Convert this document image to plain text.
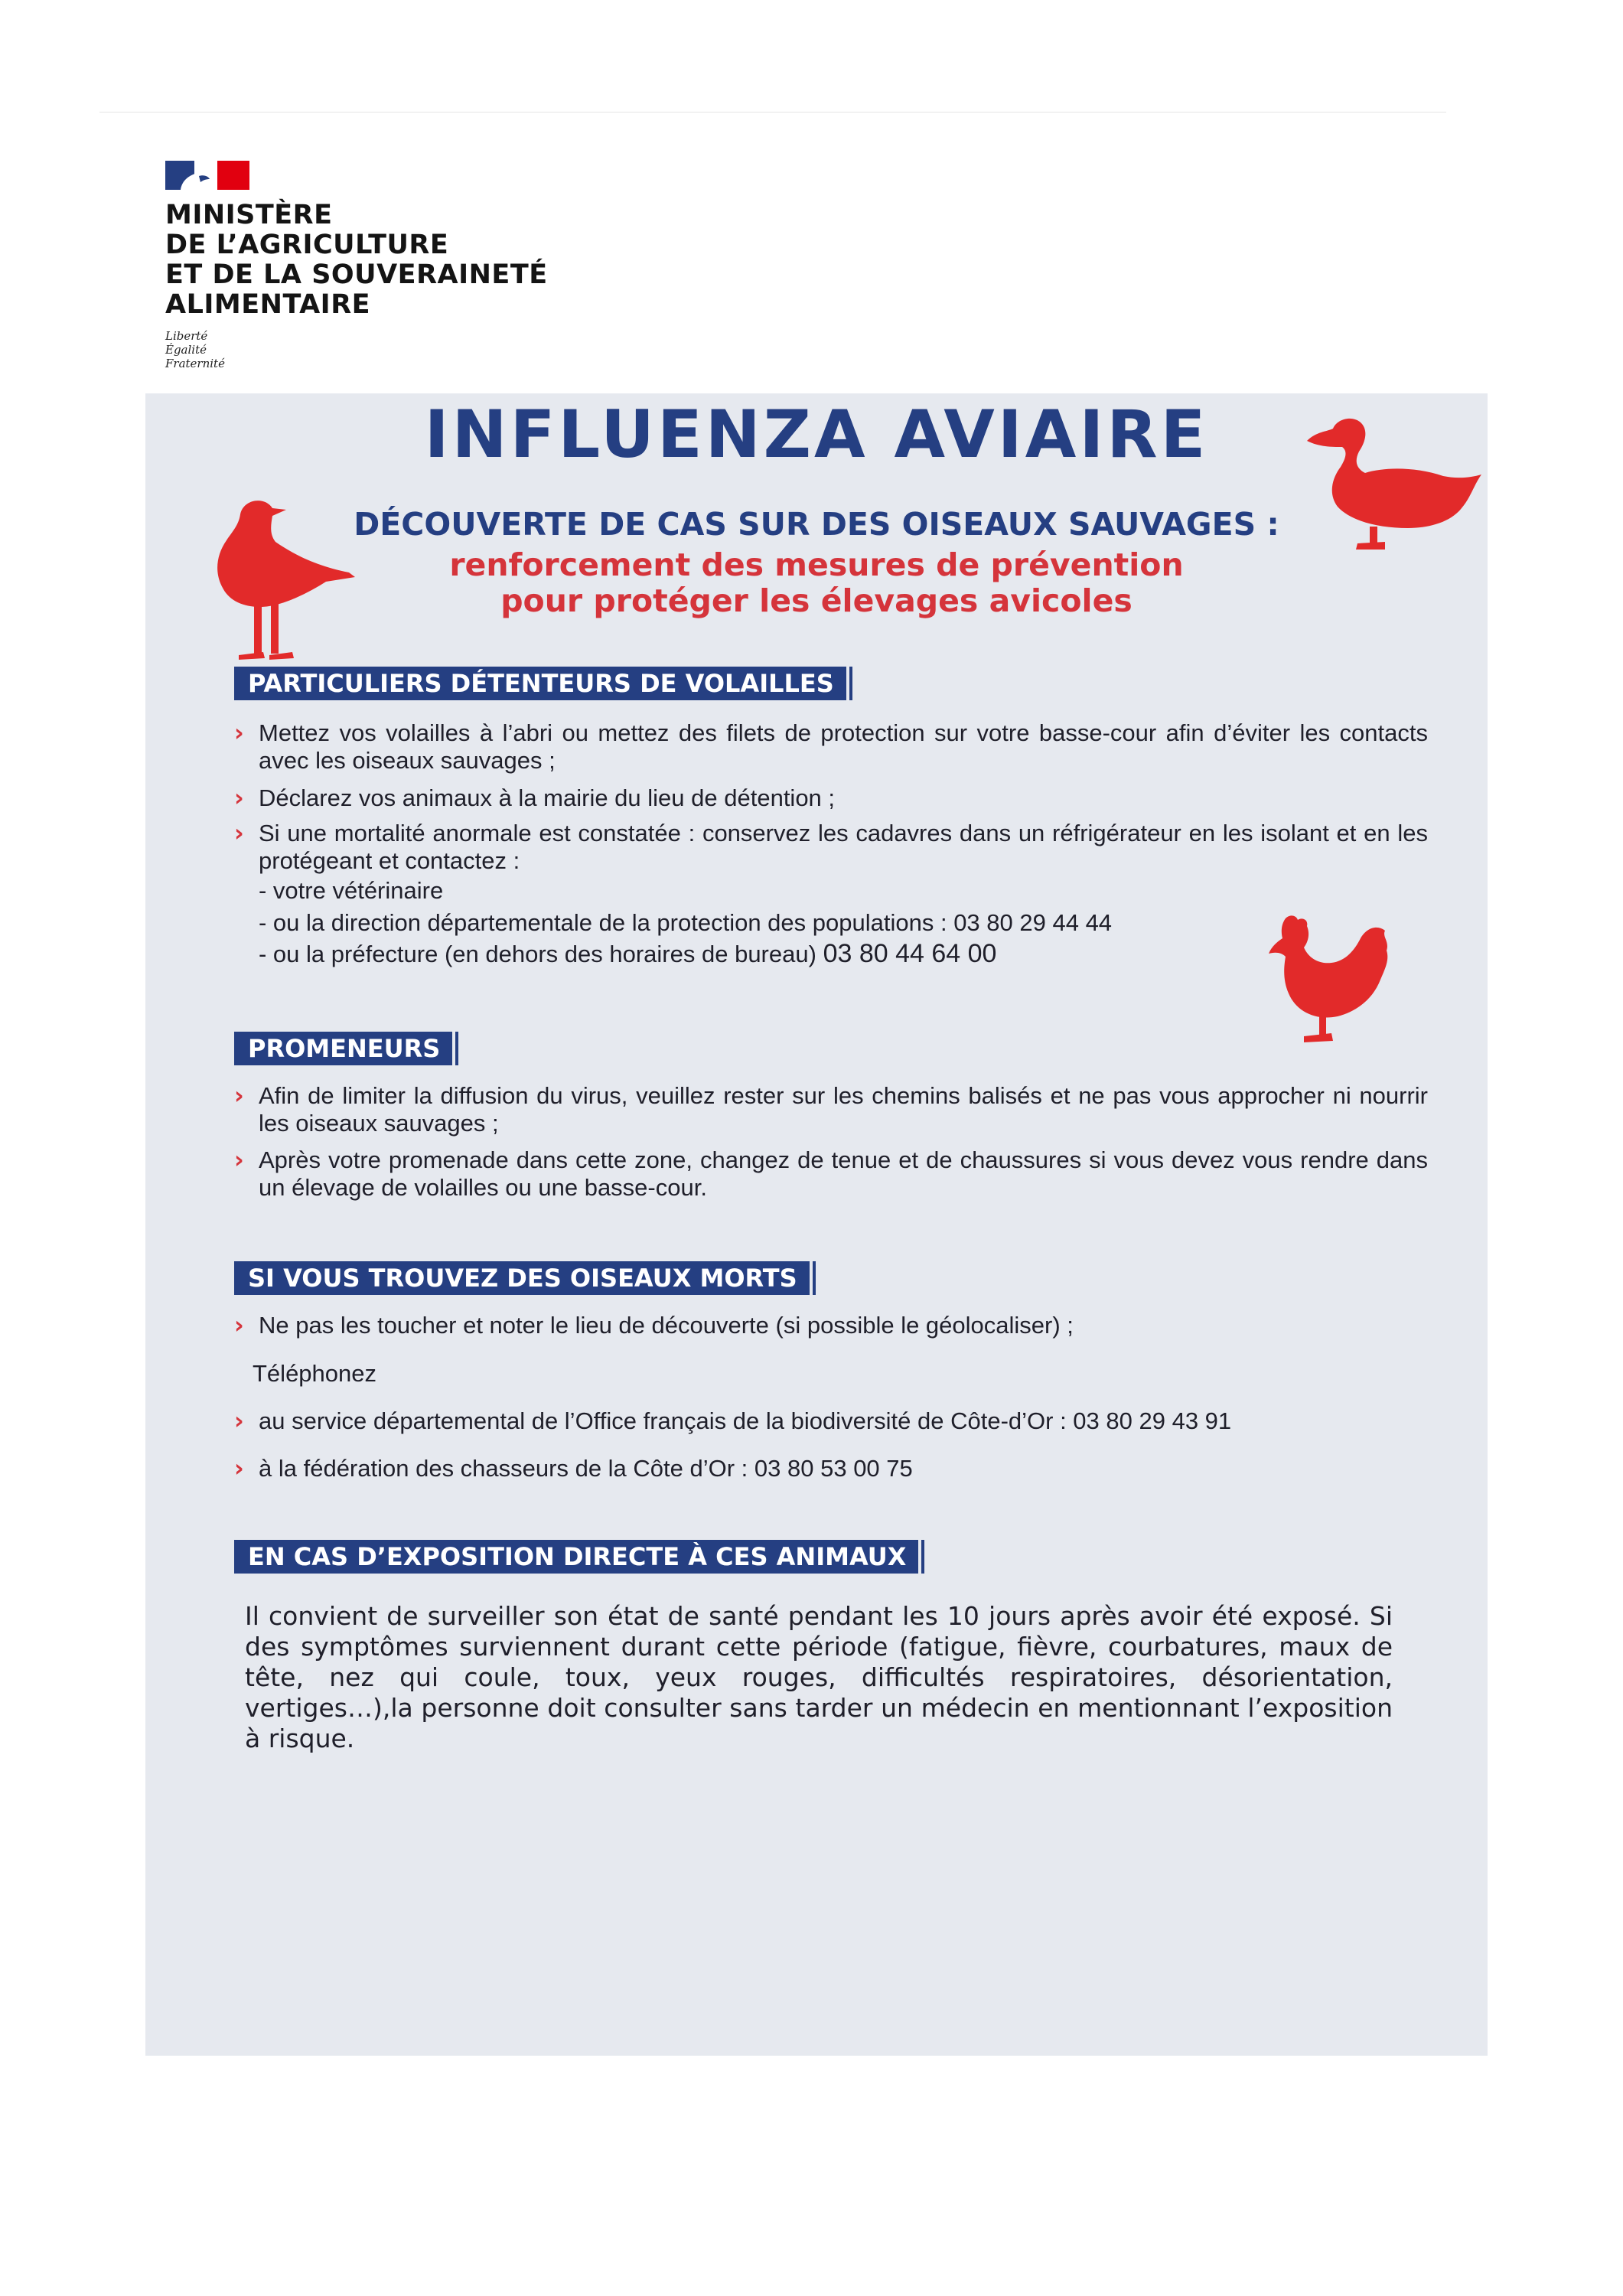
MINISTÈRE
DE L’AGRICULTURE
ET DE LA SOUVERAINETÉ
ALIMENTAIRE
Liberté
Égalité
Fraternité
INFLUENZA AVIAIRE
DÉCOUVERTE DE CAS SUR DES OISEAUX SAUVAGES :
renforcement des mesures de prévention
pour protéger les élevages avicoles
PARTICULIERS DÉTENTEURS DE VOLAILLES
› Mettez vos volailles à l’abri ou mettez des filets de protection sur votre basse-cour afin d’éviter les contacts avec les oiseaux sauvages ;
› Déclarez vos animaux à la mairie du lieu de détention ;
› Si une mortalité anormale est constatée : conservez les cadavres dans un réfrigérateur en les isolant et en les protégeant et contactez :
- votre vétérinaire
- ou la direction départementale de la protection des populations : 03 80 29 44 44
- ou la préfecture (en dehors des horaires de bureau) 03 80 44 64 00
PROMENEURS
› Afin de limiter la diffusion du virus, veuillez rester sur les chemins balisés et ne pas vous approcher ni nourrir les oiseaux sauvages ;
› Après votre promenade dans cette zone, changez de tenue et de chaussures si vous devez vous rendre dans un élevage de volailles ou une basse-cour.
SI VOUS TROUVEZ DES OISEAUX MORTS
› Ne pas les toucher et noter le lieu de découverte (si possible le géolocaliser) ;
Téléphonez
› au service départemental de l’Office français de la biodiversité de Côte-d’Or : 03 80 29 43 91
› à la fédération des chasseurs de la Côte d’Or : 03 80 53 00 75
EN CAS D’EXPOSITION DIRECTE À CES ANIMAUX
Il convient de surveiller son état de santé pendant les 10 jours après avoir été exposé. Si des symptômes surviennent durant cette période (fatigue, fièvre, courbatures, maux de tête, nez qui coule, toux, yeux rouges, difficultés respiratoires, désorientation, vertiges…),la personne doit consulter sans tarder un médecin en mentionnant l’exposition à risque.
